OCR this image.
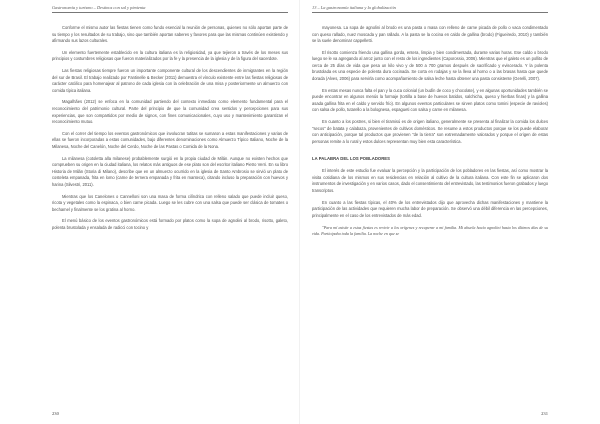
Gastronomía y turismo – Destinos con sal y pimienta

Conforme el mismo autor las fiestas tienen como fundo esencial la reunión de personas, quienes no sólo aportan parte de su tiempo y los resultados de su trabajo, sino que también aportan saberes y favores para que las mismas continúen existiendo y afirmando sus lazos culturales.

Un elemento fuertemente establecido en la cultura italiana es la religiosidad, ya que tejieron a través de los meses sus principios y costumbres religiosas que fueron materializados por la fe y la presencia de la iglesia y de la figura del sacerdote.

Las fiestas religiosas tiempre fueron un importante componente cultural de los descendientes de inmigrantes en la región del sur de Brasil. El trabajo realizado por Fantinelle & Becker (2011) demuestra el vínculo existente entre las fiestas religiosas de carácter católico para homenajear al patrono de cada iglesia con la celebración de una misa y posteriormente un almuerzo con comida típica italiana.

Magalhães (2012) se enfoca en la comunidad partiendo del contexto inmediato como elemento fundamental para el reconocimiento del patrimonio cultural. Parte del principio de que la comunidad crea sentidos y percepciones para sus experiencias, que son compartidos por medio de signos, con fines comunicacionales, cuyo uso y mantenimiento garantizan el reconocimiento mutuo.

Con el correr del tiempo los eventos gastronómicos que involucran tutitas se sumaron a estas manifestaciones y varias de ellas se fueron incorporadas a estas comunidades, bajo diferentes denominaciones como Almuerzo Típico Italiano, Noche de la Milanesa, Noche del Canelón, Noche del Cerdo, Noche de las Pastas o Comida de la Nona.

La milanesa (cotoletta alla milanese) probablemente surgió en la propia ciudad de Milán. Aunque no existen hechos que comprueben su origen en la ciudad italiana, los relatos más antiguos de ese plato son del escritor italiano Pietro Verri. En su libro Historia de Milán (Storia di Milano), describe que en un almuerzo ocurrido en la iglesia de Santo Ambrosio se sirvió un plato de costeleta empanada, frita en lomo (carne de ternera empanada y frita en manteca), citando incluso la preparación con huevos y harina (Silvestri, 2011).

Mientras que los Canelones o Cannelloni son una masa de forma cilíndrica con relleno salado que puede incluir queso, ricota y vegetales como la espinaca, o bien carne picada. Luego se les cubre con una salsa que puede ser clásica de tomates o bechamel y finalmente se los gratina al horno.

El menú básico de los eventos gastronómicos está formado por platos como la sopa de agnolini al brodo, risotto, galeto, polenta brustolada y ensalada de radicci con tocino y

230
13 – La gastronomía italiana y la globalización

mayonesa. La sopa de agnolini al brodo es una pasta o masa con relleno de carne picada de pollo o vaca condimentado con queso rallado, nuez moscada y pan rallado. A la pasta se la cocina en caldo de gallina (brodo) (Figueiredo, 2010) y también se la suele denominar cappelletti.

El risotto comienza friendo una gallina gorda, entera, limpia y bien condimentada, durante varias horas. Ese caldo o brodo luego se le va agregando al arroz junto con el resto de los ingredientes (Caporossio, 2006). Mientras que el galeto es un pollito de cerca de 25 días de vida que pesa un kilo vivo y de 500 a 700 gramos después de sacrificado y eviscerado. Y la polenta brustolada es una especie de polenta dura cocinada. Se corta en rodajas y se la lleva al horno o a las brasas hasta que quede dorada (Alves, 2006) para servirla como acompañamiento de salsa leche hasta obtener una pasta consistente (Gerelli, 2007).

En estas mesas nunca falta el pan y la cuca colonial (un budín de coco y chocolate), y en algunas oportunidades también se puede encontrar en algunos menús la formaje (tortilla a base de huevos batidos, salchicha, queso y hierbas finas) y la gallina asada gallina frita en el caldo y servido frío). En algunos eventos particulares se sirven platos como tomini (especie de ravioles) con salsa de pollo, tutarello a la bolognesa, espagueti con salsa y carne en milanesa.

En cuanto a los postres, si bien el tiramisú es de origen italiano, generalmente se presenta al finalizar la comida los dulces "secos" de batata y calabaza, provenientes de cultivos domésticos. Se resume a estos productos porque se los puede elaborar con anticipación, porque tal productos que provienen "de la tierra" son extremadamente valorados y porque el origen de estas personas remite a lo rural y estos dulces representan muy bien esta característica.

LA PALABRA DEL LOS POBLADORES

El interés de este estudio fue evaluar la percepción y la participación de los pobladores en las fiestas, así como mostrar la visita cotidiana de los mismos en sus residencias en relación al cultivo de la cultura italiana. Con este fin se aplicaron dos instrumentos de investigación y en varios casos, dado el consentimiento del entrevistado, las testimonios fueron grabados y luego transcriptos.

En cuanto a las fiestas típicas, el 40% de los entrevistados dijo que aprovecha dichas manifestaciones y mantiene la participación de las actividades que requieren mucha labor de preparación. Se observó una débil diferencia en las percepciones, principalmente en el caso de los entrevistados de más edad.

"Para mí asistir a estas fiestas es revivir a los orígenes y recuperar a mi familia. Mi abuela hacía agnolini hasta los últimos días de su vida. Participaba toda la familia. La noche en que se

231
